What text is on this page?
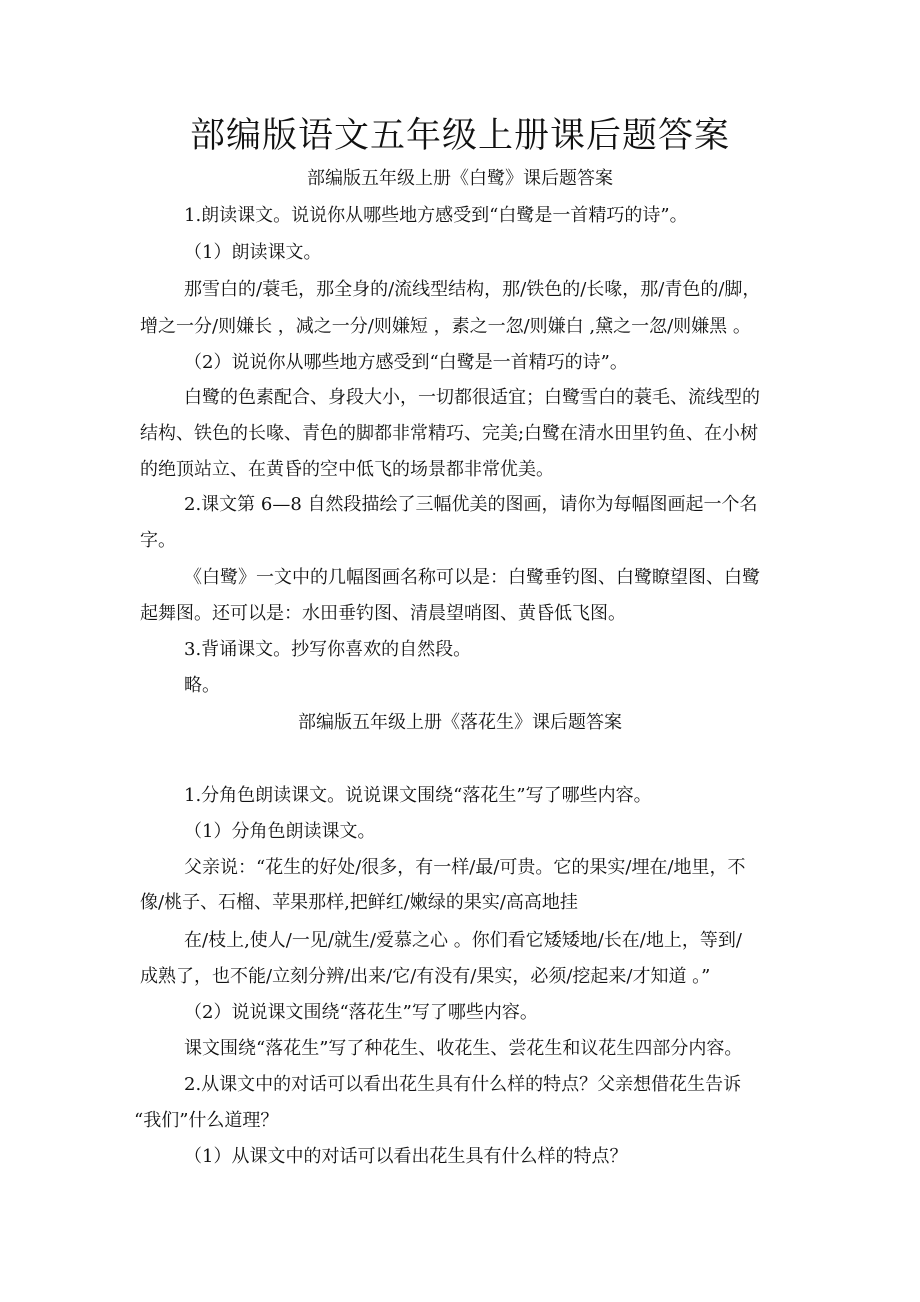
部编版语文五年级上册课后题答案
部编版五年级上册《白鹭》课后题答案
1.朗读课文。说说你从哪些地方感受到“白鹭是一首精巧的诗”。
（1）朗读课文。
那雪白的/蓑毛，那全身的/流线型结构，那/铁色的/长喙，那/青色的/脚，
增之一分/则嫌长 ，减之一分/则嫌短 ，素之一忽/则嫌白 ,黛之一忽/则嫌黑 。
（2）说说你从哪些地方感受到“白鹭是一首精巧的诗”。
白鹭的色素配合、身段大小，一切都很适宜；白鹭雪白的蓑毛、流线型的
结构、铁色的长喙、青色的脚都非常精巧、完美;白鹭在清水田里钓鱼、在小树
的绝顶站立、在黄昏的空中低飞的场景都非常优美。
2.课文第 6—8 自然段描绘了三幅优美的图画，请你为每幅图画起一个名
字。
《白鹭》一文中的几幅图画名称可以是：白鹭垂钓图、白鹭瞭望图、白鹭
起舞图。还可以是：水田垂钓图、清晨望哨图、黄昏低飞图。
3.背诵课文。抄写你喜欢的自然段。
略。
部编版五年级上册《落花生》课后题答案
1.分角色朗读课文。说说课文围绕“落花生”写了哪些内容。
（1）分角色朗读课文。
父亲说：“花生的好处/很多，有一样/最/可贵。它的果实/埋在/地里，不
像/桃子、石榴、苹果那样,把鲜红/嫩绿的果实/高高地挂
在/枝上,使人/一见/就生/爱慕之心 。你们看它矮矮地/长在/地上，等到/
成熟了，也不能/立刻分辨/出来/它/有没有/果实，必须/挖起来/才知道 。”
（2）说说课文围绕“落花生”写了哪些内容。
课文围绕“落花生”写了种花生、收花生、尝花生和议花生四部分内容。
2.从课文中的对话可以看出花生具有什么样的特点？父亲想借花生告诉
“我们”什么道理？
（1）从课文中的对话可以看出花生具有什么样的特点？
